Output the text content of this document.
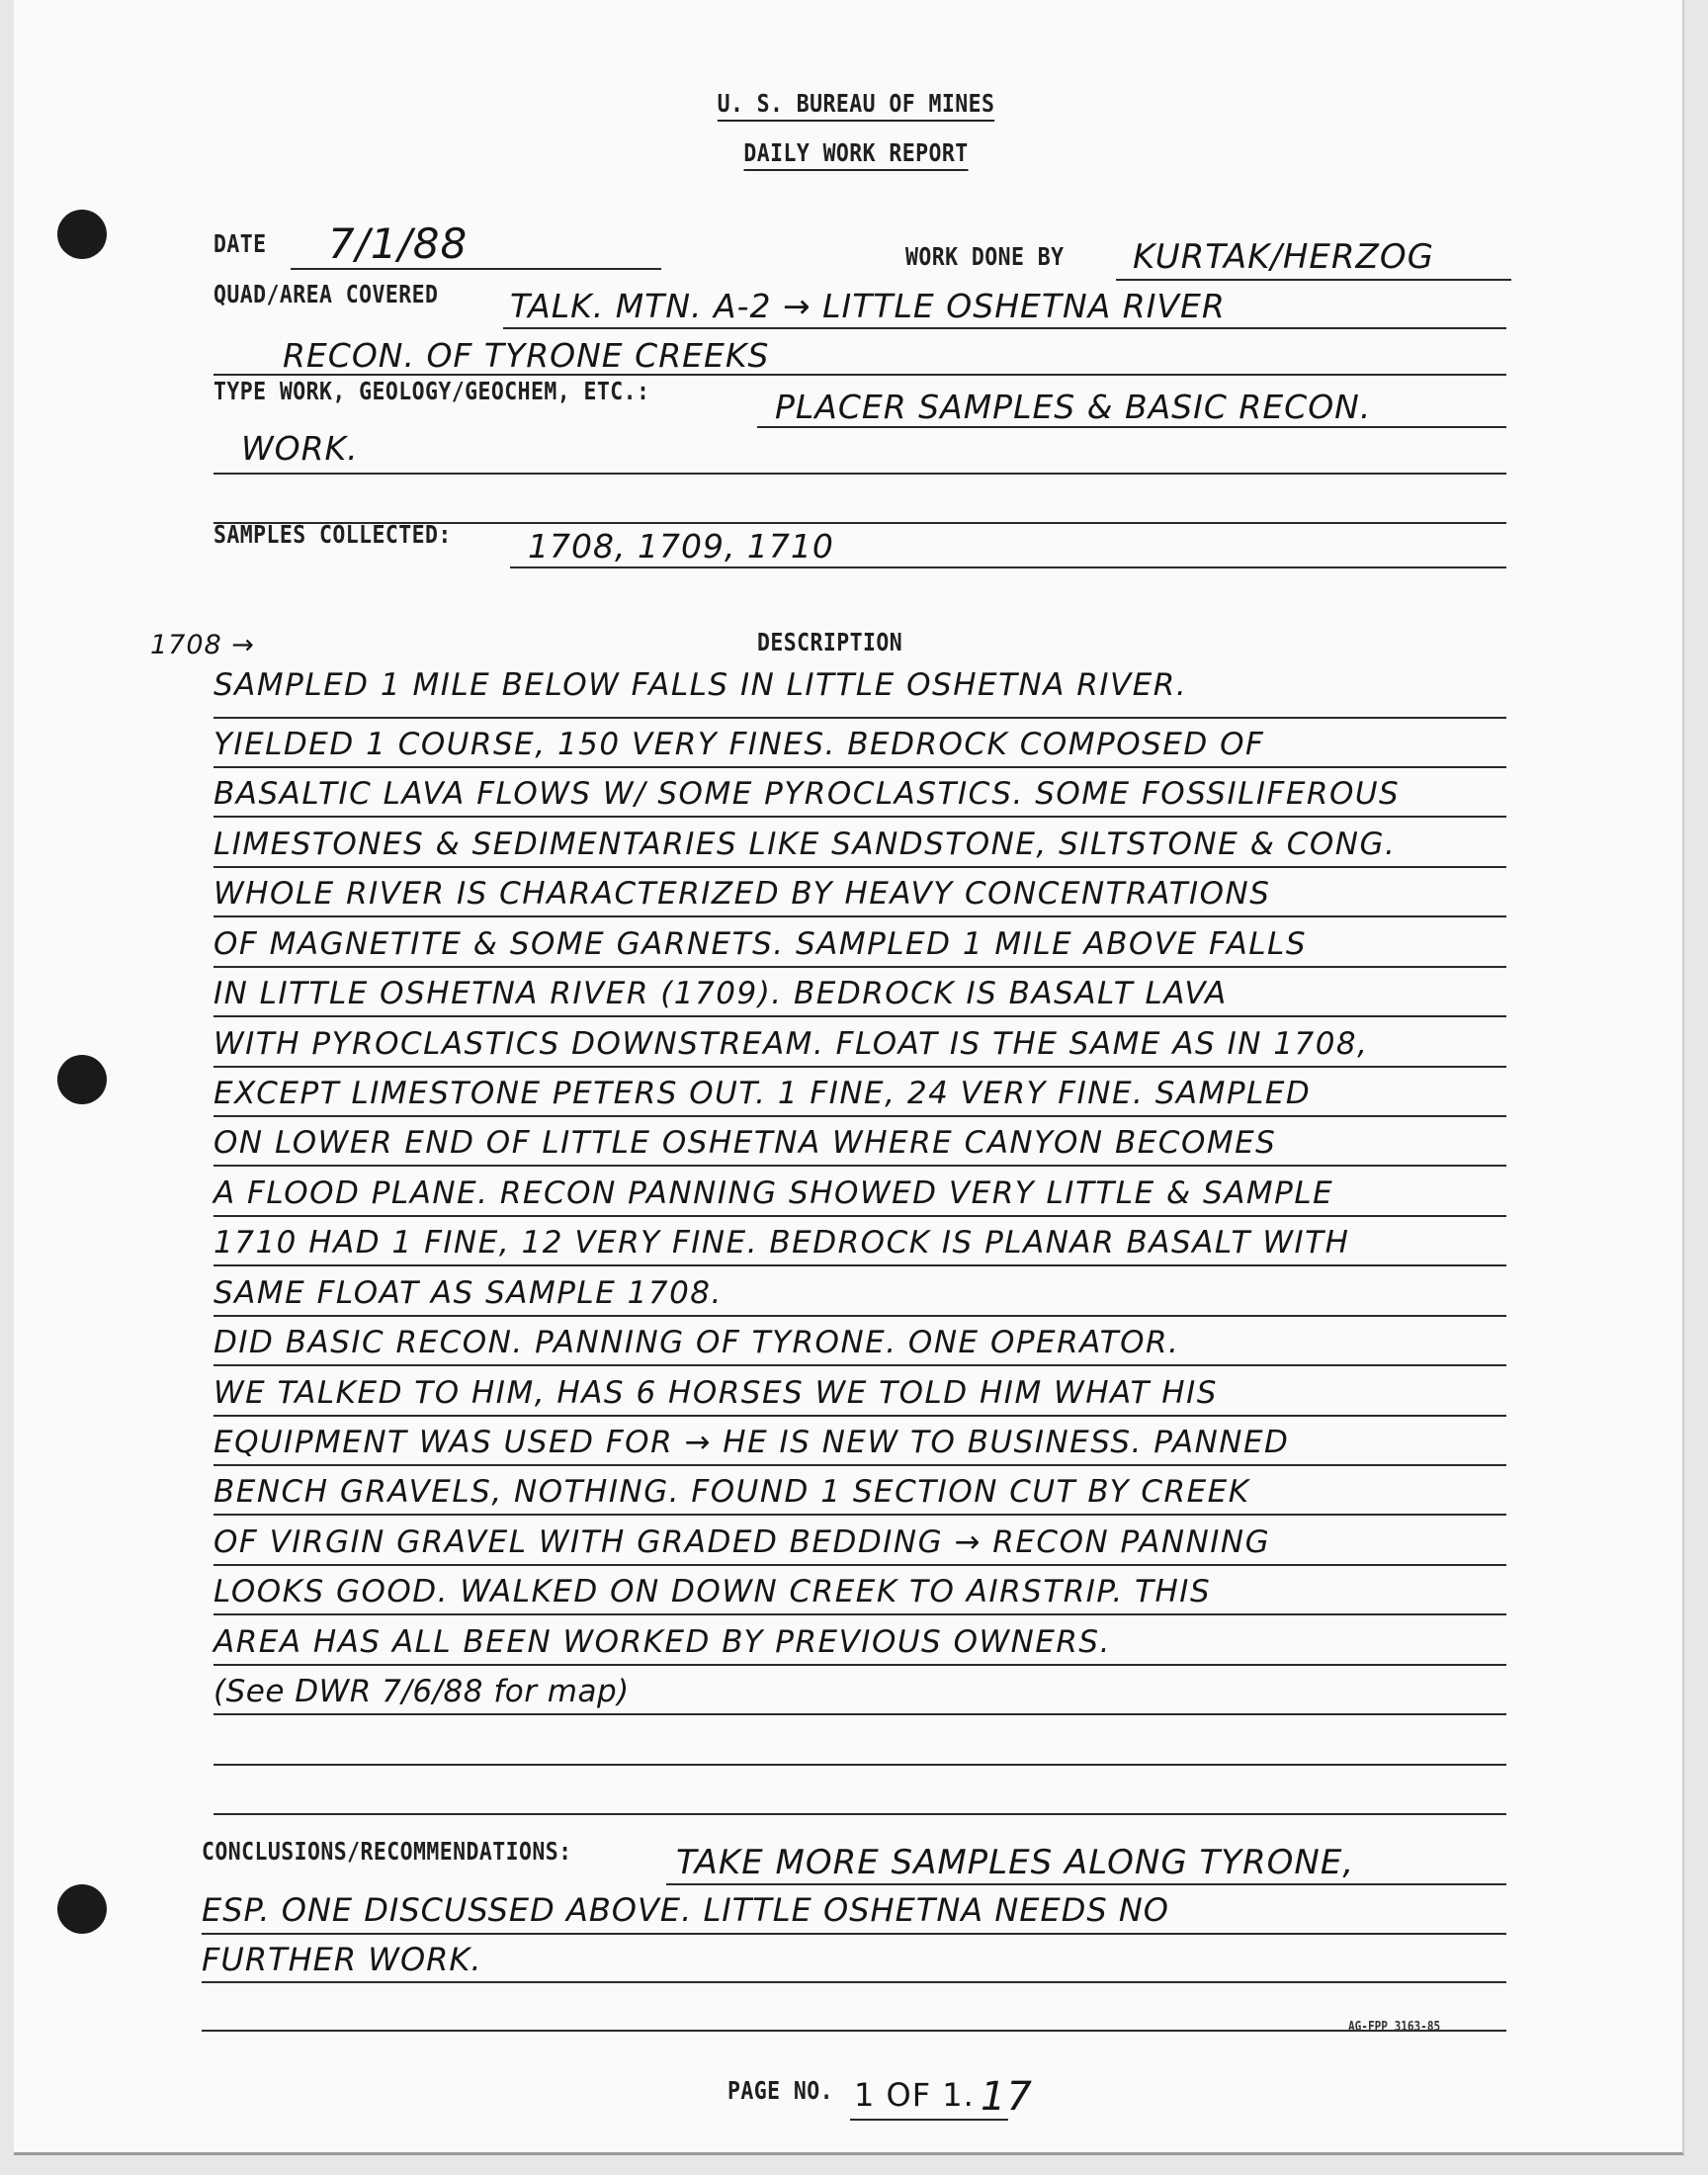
U. S. BUREAU OF MINES
DAILY WORK REPORT
DATE 7/1/88	WORK DONE BY KURTAK/HERZOG
QUAD/AREA COVERED TALK. MTN. A-2 → LITTLE OSHETNA RIVER
RECON. OF TYRONE CREEKS
TYPE WORK, GEOLOGY/GEOCHEM, ETC.:	PLACER SAMPLES & BASIC RECON.
WORK.
SAMPLES COLLECTED: 1708, 1709, 1710
DESCRIPTION
1708 →
SAMPLED 1 MILE BELOW FALLS IN LITTLE OSHETNA RIVER.
YIELDED 1 COURSE, 150 VERY FINES. BEDROCK COMPOSED OF
BASALTIC LAVA FLOWS W/ SOME PYROCLASTICS. SOME FOSSILIFEROUS
LIMESTONES & SEDIMENTARIES LIKE SANDSTONE, SILTSTONE & CONG.
WHOLE RIVER IS CHARACTERIZED BY HEAVY CONCENTRATIONS
OF MAGNETITE & SOME GARNETS. SAMPLED 1 MILE ABOVE FALLS
IN LITTLE OSHETNA RIVER (1709). BEDROCK IS BASALT LAVA
WITH PYROCLASTICS DOWNSTREAM. FLOAT IS THE SAME AS IN 1708,
EXCEPT LIMESTONE PETERS OUT. 1 FINE, 24 VERY FINE. SAMPLED
ON LOWER END OF LITTLE OSHETNA WHERE CANYON BECOMES
A FLOOD PLANE. RECON PANNING SHOWED VERY LITTLE & SAMPLE
1710 HAD 1 FINE, 12 VERY FINE. BEDROCK IS PLANAR BASALT WITH
SAME FLOAT AS SAMPLE 1708.
DID BASIC RECON. PANNING OF TYRONE. ONE OPERATOR.
WE TALKED TO HIM, HAS 6 HORSES WE TOLD HIM WHAT HIS
EQUIPMENT WAS USED FOR → HE IS NEW TO BUSINESS. PANNED
BENCH GRAVELS, NOTHING. FOUND 1 SECTION CUT BY CREEK
OF VIRGIN GRAVEL WITH GRADED BEDDING → RECON PANNING
LOOKS GOOD. WALKED ON DOWN CREEK TO AIRSTRIP. THIS
AREA HAS ALL BEEN WORKED BY PREVIOUS OWNERS.
(See DWR 7/6/88 for map)
CONCLUSIONS/RECOMMENDATIONS:	TAKE MORE SAMPLES ALONG TYRONE,
ESP. ONE DISCUSSED ABOVE. LITTLE OSHETNA NEEDS NO
FURTHER WORK.
AG-FPP 3163-85
PAGE NO. 1 OF 1. 17
